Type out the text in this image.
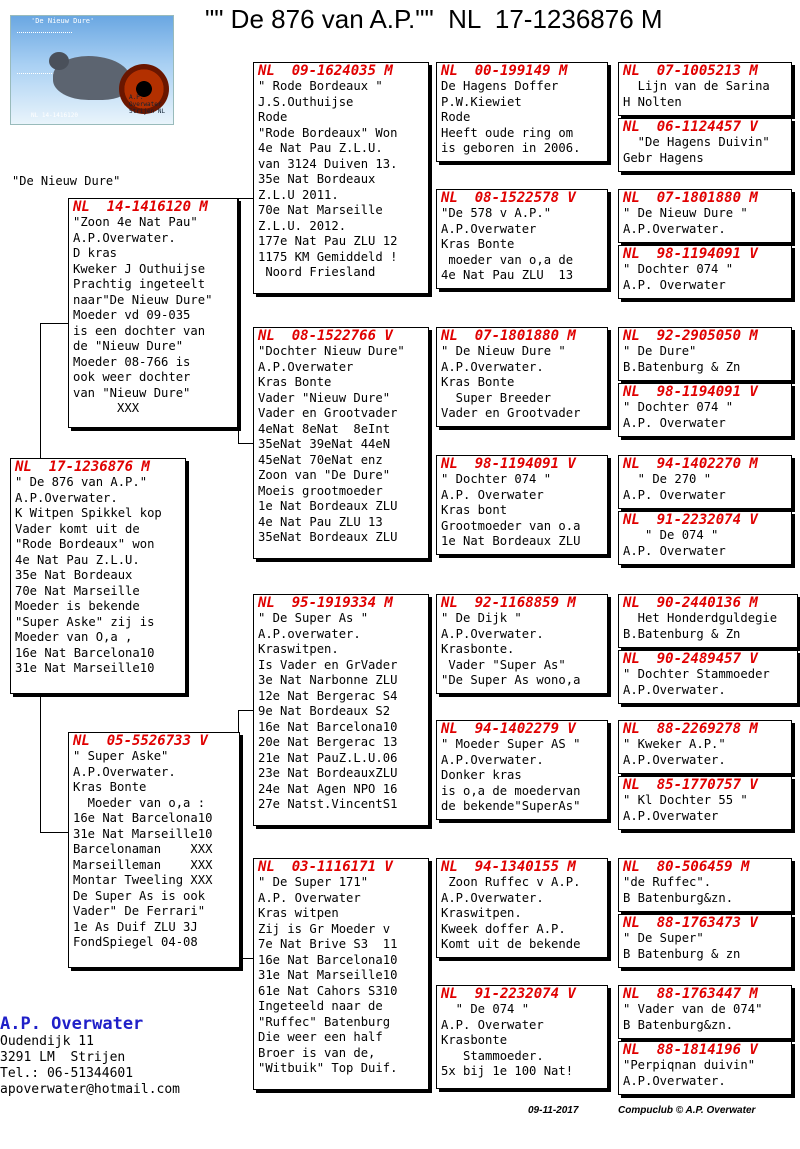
"" De 876 van A.P.""  NL  17-1236876 M
'De Nieuw Dure'
A.P. Overwater Strijen NL
NL 14-1416120
"De Nieuw Dure"
NL  17-1236876 M
" De 876 van A.P."
A.P.Overwater.
K Witpen Spikkel kop
Vader komt uit de
"Rode Bordeaux" won
4e Nat Pau Z.L.U.
35e Nat Bordeaux
70e Nat Marseille
Moeder is bekende
"Super Aske" zij is
Moeder van O,a ,
16e Nat Barcelona10
31e Nat Marseille10
NL  14-1416120 M
"Zoon 4e Nat Pau"
A.P.Overwater.
D kras
Kweker J Outhuijse
Prachtig ingeteelt
naar"De Nieuw Dure"
Moeder vd 09-035
is een dochter van
de "Nieuw Dure"
Moeder 08-766 is
ook weer dochter
van "Nieuw Dure"
XXX
NL  05-5526733 V
" Super Aske"
A.P.Overwater.
Kras Bonte
Moeder van o,a :
16e Nat Barcelona10
31e Nat Marseille10
Barcelonaman    XXX
Marseilleman    XXX
Montar Tweeling XXX
De Super As is ook
Vader" De Ferrari"
1e As Duif ZLU 3J
FondSpiegel 04-08
NL  09-1624035 M
" Rode Bordeaux "
J.S.Outhuijse
Rode
"Rode Bordeaux" Won
4e Nat Pau Z.L.U.
van 3124 Duiven 13.
35e Nat Bordeaux
Z.L.U 2011.
70e Nat Marseille
Z.L.U. 2012.
177e Nat Pau ZLU 12
1175 KM Gemiddeld !
Noord Friesland
NL  08-1522766 V
"Dochter Nieuw Dure"
A.P.Overwater
Kras Bonte
Vader "Nieuw Dure"
Vader en Grootvader
4eNat 8eNat  8eInt
35eNat 39eNat 44eN
45eNat 70eNat enz
Zoon van "De Dure"
Moeis grootmoeder
1e Nat Bordeaux ZLU
4e Nat Pau ZLU 13
35eNat Bordeaux ZLU
NL  95-1919334 M
" De Super As "
A.P.overwater.
Kraswitpen.
Is Vader en GrVader
3e Nat Narbonne ZLU
12e Nat Bergerac S4
9e Nat Bordeaux S2
16e Nat Barcelona10
20e Nat Bergerac 13
21e Nat PauZ.L.U.06
23e Nat BordeauxZLU
24e Nat Agen NPO 16
27e Natst.VincentS1
NL  03-1116171 V
" De Super 171"
A.P. Overwater
Kras witpen
Zij is Gr Moeder v
7e Nat Brive S3  11
16e Nat Barcelona10
31e Nat Marseille10
61e Nat Cahors S310
Ingeteeld naar de
"Ruffec" Batenburg
Die weer een half
Broer is van de,
"Witbuik" Top Duif.
NL  00-199149 M
De Hagens Doffer
P.W.Kiewiet
Rode
Heeft oude ring om
is geboren in 2006.
NL  08-1522578 V
"De 578 v A.P."
A.P.Overwater
Kras Bonte
moeder van o,a de
4e Nat Pau ZLU  13
NL  07-1801880 M
" De Nieuw Dure "
A.P.Overwater.
Kras Bonte
Super Breeder
Vader en Grootvader
NL  98-1194091 V
" Dochter 074 "
A.P. Overwater
Kras bont
Grootmoeder van o.a
1e Nat Bordeaux ZLU
NL  92-1168859 M
" De Dijk "
A.P.Overwater.
Krasbonte.
Vader "Super As"
"De Super As wono,a
NL  94-1402279 V
" Moeder Super AS "
A.P.Overwater.
Donker kras
is o,a de moedervan
de bekende"SuperAs"
NL  94-1340155 M
Zoon Ruffec v A.P.
A.P.Overwater.
Kraswitpen.
Kweek doffer A.P.
Komt uit de bekende
NL  91-2232074 V
" De 074 "
A.P. Overwater
Krasbonte
Stammoeder.
5x bij 1e 100 Nat!
NL  07-1005213 M
Lijn van de Sarina
H Nolten
NL  06-1124457 V
"De Hagens Duivin"
Gebr Hagens
NL  07-1801880 M
" De Nieuw Dure "
A.P.Overwater.
NL  98-1194091 V
" Dochter 074 "
A.P. Overwater
NL  92-2905050 M
" De Dure"
B.Batenburg & Zn
NL  98-1194091 V
" Dochter 074 "
A.P. Overwater
NL  94-1402270 M
" De 270 "
A.P. Overwater
NL  91-2232074 V
" De 074 "
A.P. Overwater
NL  90-2440136 M
Het Honderdguldegie
B.Batenburg & Zn
NL  90-2489457 V
" Dochter Stammoeder
A.P.Overwater.
NL  88-2269278 M
" Kweker A.P."
A.P.Overwater.
NL  85-1770757 V
" Kl Dochter 55 "
A.P.Overwater
NL  80-506459 M
"de Ruffec".
B Batenburg&zn.
NL  88-1763473 V
" De Super"
B Batenburg & zn
NL  88-1763447 M
" Vader van de 074"
B Batenburg&zn.
NL  88-1814196 V
"Perpiqnan duivin"
A.P.Overwater.
A.P. Overwater
Oudendijk 11
3291 LM  Strijen
Tel.: 06-51344601
apoverwater@hotmail.com
09-11-2017	Compuclub © A.P. Overwater
